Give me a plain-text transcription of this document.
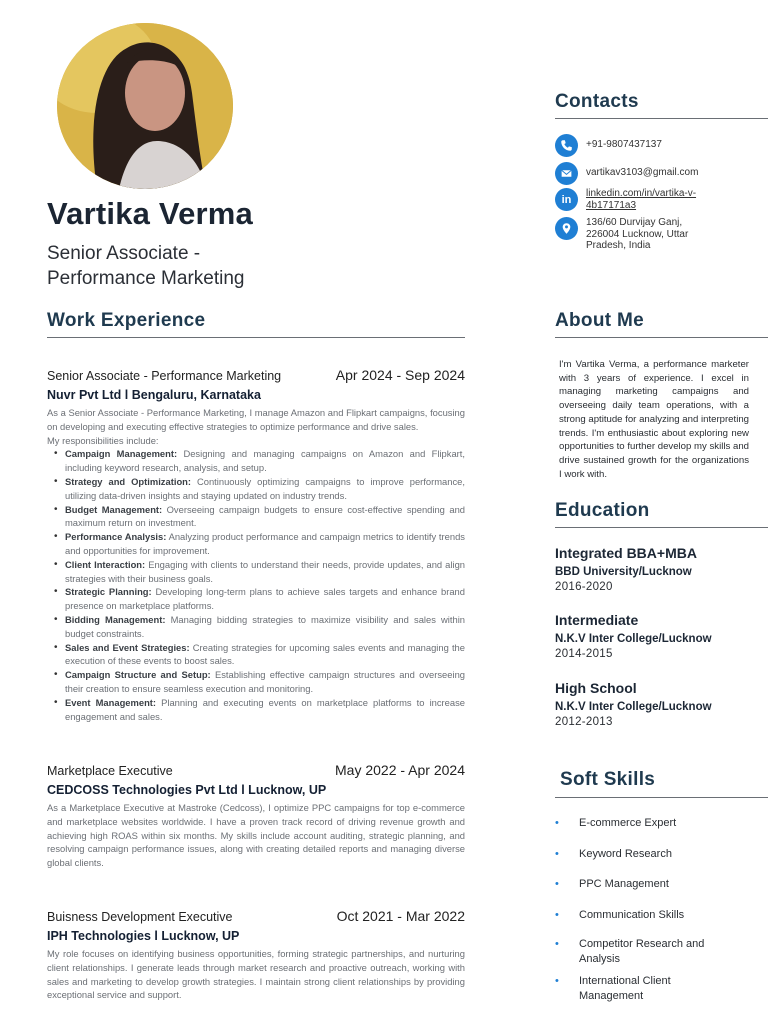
Vartika Verma
Senior Associate -
Performance Marketing
Work Experience
Senior Associate - Performance Marketing	Apr 2024 - Sep 2024
Nuvr Pvt Ltd l Bengaluru, Karnataka
As a Senior Associate - Performance Marketing, I manage Amazon and Flipkart campaigns, focusing on developing and executing effective strategies to optimize performance and drive sales.
My responsibilities include:
• Campaign Management: Designing and managing campaigns on Amazon and Flipkart, including keyword research, analysis, and setup.
• Strategy and Optimization: Continuously optimizing campaigns to improve performance, utilizing data-driven insights and staying updated on industry trends.
• Budget Management: Overseeing campaign budgets to ensure cost-effective spending and maximum return on investment.
• Performance Analysis: Analyzing product performance and campaign metrics to identify trends and opportunities for improvement.
• Client Interaction: Engaging with clients to understand their needs, provide updates, and align strategies with their business goals.
• Strategic Planning: Developing long-term plans to achieve sales targets and enhance brand presence on marketplace platforms.
• Bidding Management: Managing bidding strategies to maximize visibility and sales within budget constraints.
• Sales and Event Strategies: Creating strategies for upcoming sales events and managing the execution of these events to boost sales.
• Campaign Structure and Setup: Establishing effective campaign structures and overseeing their creation to ensure seamless execution and monitoring.
• Event Management: Planning and executing events on marketplace platforms to increase engagement and sales.
Marketplace Executive	May 2022 - Apr 2024
CEDCOSS Technologies Pvt Ltd l Lucknow, UP
As a Marketplace Executive at Mastroke (Cedcoss), I optimize PPC campaigns for top e-commerce and marketplace websites worldwide. I have a proven track record of driving revenue growth and achieving high ROAS within six months. My skills include account auditing, strategic planning, and resolving campaign performance issues, along with creating detailed reports and managing diverse global clients.
Buisness Development Executive	Oct 2021 - Mar 2022
IPH Technologies l Lucknow, UP
My role focuses on identifying business opportunities, forming strategic partnerships, and nurturing client relationships. I generate leads through market research and proactive outreach, working with sales and marketing to develop growth strategies. I maintain strong client relationships by providing exceptional service and support.
Contacts
+91-9807437137
vartikav3103@gmail.com
in linkedin.com/in/vartika-v-
4b17171a3
136/60 Durvijay Ganj,
226004 Lucknow, Uttar
Pradesh, India
About Me
I'm Vartika Verma, a performance marketer with 3 years of experience. I excel in managing marketing campaigns and overseeing daily team operations, with a strong aptitude for analyzing and interpreting trends. I'm enthusiastic about exploring new opportunities to further develop my skills and drive sustained growth for the organizations I work with.
Education
Integrated BBA+MBA
BBD University/Lucknow
2016-2020
Intermediate
N.K.V Inter College/Lucknow
2014-2015
High School
N.K.V Inter College/Lucknow
2012-2013
Soft Skills
•	E-commerce Expert
•	Keyword Research
•	PPC Management
•	Communication Skills
•	Competitor Research and Analysis
•	International Client Management
